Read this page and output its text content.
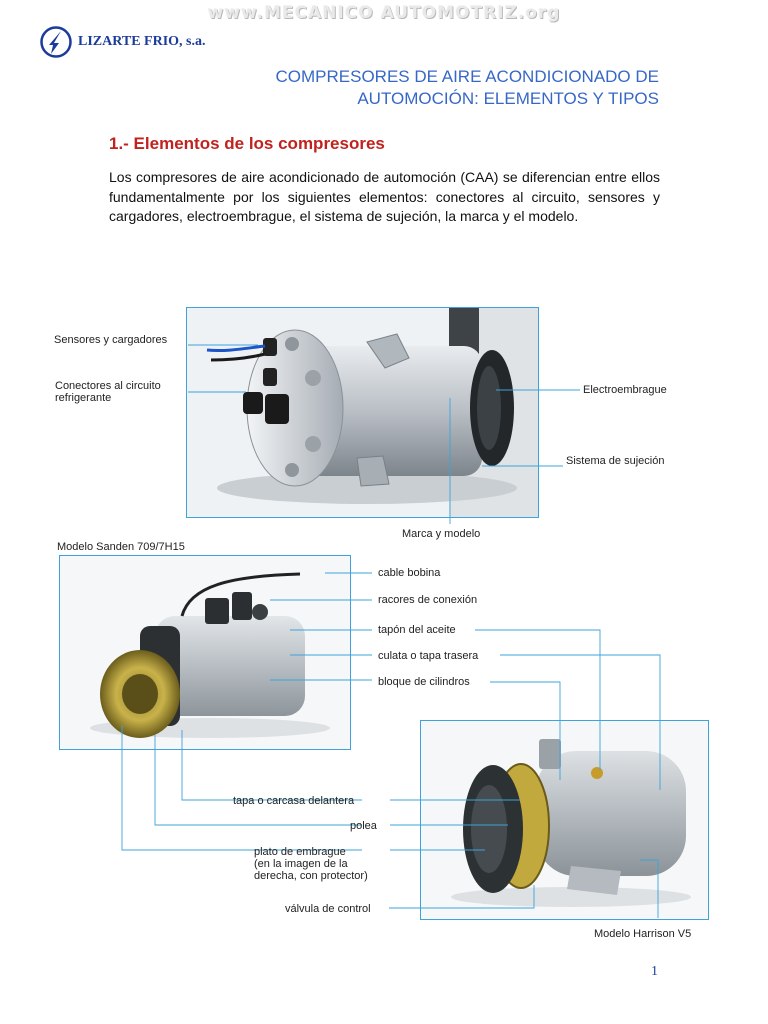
www.MECANICO AUTOMOTRIZ.org
LIZARTE FRIO, s.a.
COMPRESORES DE AIRE ACONDICIONADO DE
AUTOMOCIÓN: ELEMENTOS Y TIPOS
1.- Elementos de los compresores

Los compresores de aire acondicionado de automoción (CAA) se diferencian entre ellos fundamentalmente por los siguientes elementos: conectores al circuito, sensores y cargadores, electroembrague, el sistema de sujeción, la marca y el modelo.

Sensores y cargadores
Conectores al circuito
refrigerante
Electroembrague
Sistema de sujeción
Marca y modelo
Modelo Sanden 709/7H15
Modelo Harrison V5
cable bobina
racores de conexión
tapón del aceite
culata o tapa trasera
bloque de cilindros
tapa o carcasa delantera
polea
plato de embrague
(en la imagen de la
derecha, con protector)
válvula de control
1
